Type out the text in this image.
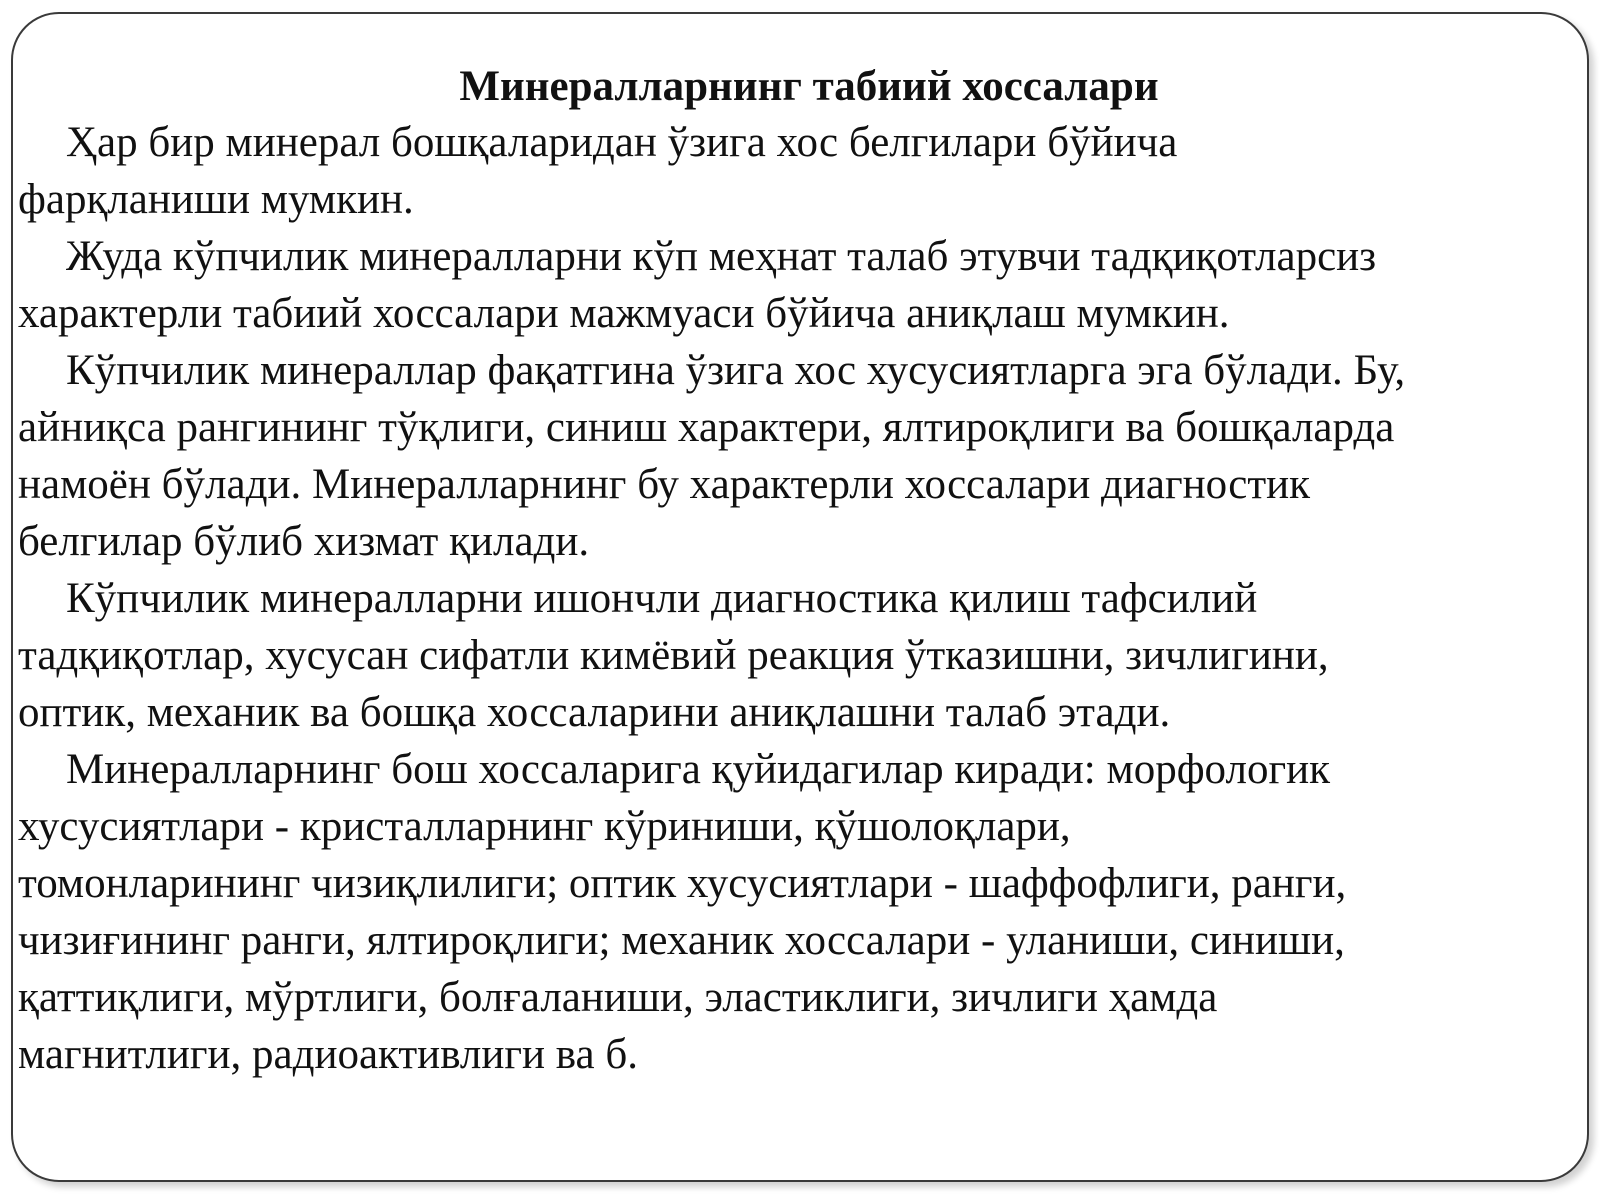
Минералларнинг табиий хоссалари
Ҳар бир минерал бошқаларидан ўзига хос белгилари бўйича
фарқланиши мумкин.
Жуда кўпчилик минералларни кўп меҳнат талаб этувчи тадқиқотларсиз
характерли табиий хоссалари мажмуаси бўйича аниқлаш мумкин.
Кўпчилик минераллар фақатгина ўзига хос хусусиятларга эга бўлади. Бу,
айниқса рангининг тўқлиги, синиш характери, ялтироқлиги ва бошқаларда
намоён бўлади. Минералларнинг бу характерли хоссалари диагностик
белгилар бўлиб хизмат қилади.
Кўпчилик минералларни ишончли диагностика қилиш тафсилий
тадқиқотлар, хусусан сифатли кимёвий реакция ўтказишни, зичлигини,
оптик, механик ва бошқа хоссаларини аниқлашни талаб этади.
Минералларнинг бош хоссаларига қуйидагилар киради: морфологик
хусусиятлари - кристалларнинг кўриниши, қўшолоқлари,
томонларининг чизиқлилиги; оптик хусусиятлари - шаффофлиги, ранги,
чизиғининг ранги, ялтироқлиги; механик хоссалари - уланиши, синиши,
қаттиқлиги, мўртлиги, болғаланиши, эластиклиги, зичлиги ҳамда
магнитлиги, радиоактивлиги ва б.
